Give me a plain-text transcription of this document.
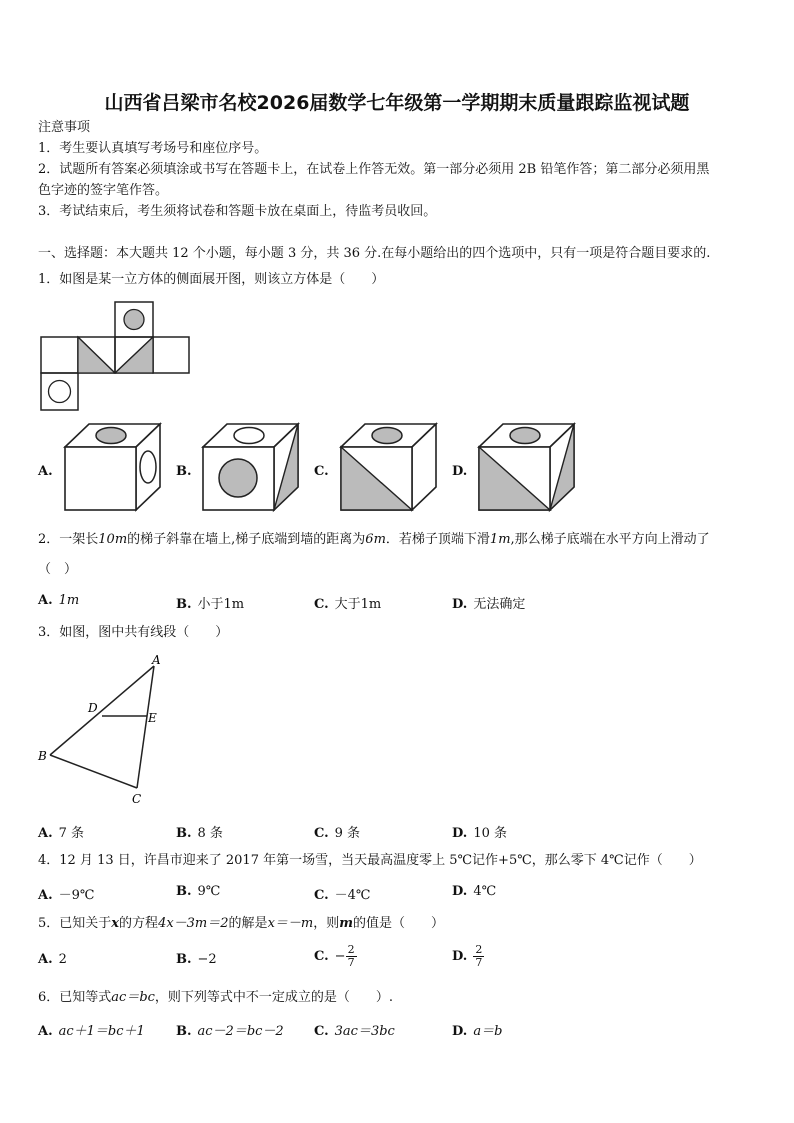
山西省吕梁市名校2026届数学七年级第一学期期末质量跟踪监视试题
注意事项
1．考生要认真填写考场号和座位序号。
2．试题所有答案必须填涂或书写在答题卡上，在试卷上作答无效。第一部分必须用 2B 铅笔作答；第二部分必须用黑
色字迹的签字笔作答。
3．考试结束后，考生须将试卷和答题卡放在桌面上，待监考员收回。
一、选择题：本大题共 12 个小题，每小题 3 分，共 36 分.在每小题给出的四个选项中，只有一项是符合题目要求的.
1．如图是某一立方体的侧面展开图，则该立方体是（　　）
A.	B.	C.	D.
2．一架长10m的梯子斜靠在墙上,梯子底端到墙的距离为6m．若梯子顶端下滑1m,那么梯子底端在水平方向上滑动了
（　）
A. 1m	B. 小于1m	C. 大于1m	D. 无法确定
3．如图，图中共有线段（　　）
A
D
E
B
C
A. 7 条	B. 8 条	C. 9 条	D. 10 条
4．12 月 13 日，许昌市迎来了 2017 年第一场雪，当天最高温度零上 5℃记作+5℃，那么零下 4℃记作（　　）
A. －9℃	B. 9℃	C. －4℃	D. 4℃
5．已知关于x的方程4x－3m＝2的解是x＝－m，则m的值是（　　）
A. 2	B. −2	C. − $\frac{2}{7}$	D. $\frac{2}{7}$
6．已知等式ac＝bc，则下列等式中不一定成立的是（　　）.
A. ac＋1＝bc＋1 B. ac－2＝bc－2 C. 3ac＝3bc	D. a＝b
